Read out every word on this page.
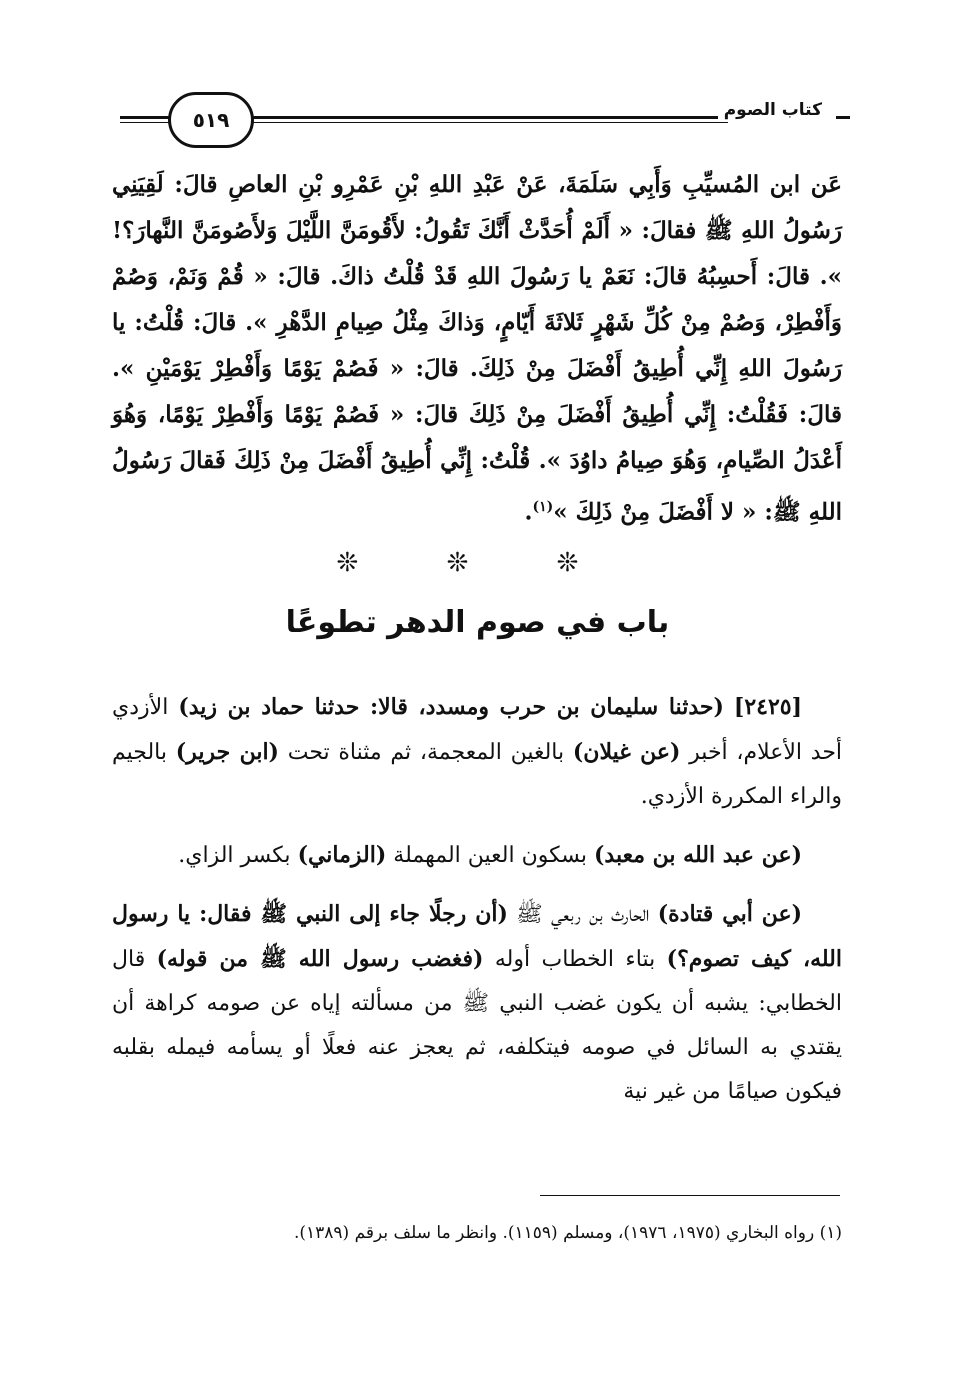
٥١٩	كتاب الصوم
عَن ابن المُسيِّبِ وَأَبِي سَلَمَةَ، عَنْ عَبْدِ اللهِ بْنِ عَمْرِو بْنِ العاصِ قالَ: لَقِيَنِي رَسُولُ اللهِ ﷺ فقالَ: « أَلَمْ أُحَدَّثْ أَنَّكَ تَقُولُ: لأَقُومَنَّ اللَّيْلَ وَلأَصُومَنَّ النَّهارَ؟! ». قالَ: أَحسِبُهُ قالَ: نَعَمْ يا رَسُولَ اللهِ قَدْ قُلْتُ ذاكَ. قالَ: « قُمْ وَنَمْ، وَصُمْ وَأَفْطِرْ، وَصُمْ مِنْ كُلِّ شَهْرٍ ثَلاثَةَ أَيّامٍ، وَذاكَ مِثْلُ صِيامِ الدَّهْرِ ». قالَ: قُلْتُ: يا رَسُولَ اللهِ إِنِّي أُطِيقُ أَفْضَلَ مِنْ ذَلِكَ. قالَ: « فَصُمْ يَوْمًا وَأَفْطِرْ يَوْمَيْنِ ». قالَ: فَقُلْتُ: إِنِّي أُطِيقُ أَفْضَلَ مِنْ ذَلِكَ قالَ: « فَصُمْ يَوْمًا وَأَفْطِرْ يَوْمًا، وَهُوَ أَعْدَلُ الصِّيامِ، وَهُوَ صِيامُ داوُدَ ». قُلْتُ: إِنِّي أُطِيقُ أَفْضَلَ مِنْ ذَلِكَ فَقالَ رَسُولُ اللهِ ﷺ: « لا أَفْضَلَ مِنْ ذَلِكَ »$^{(١)}$.
❊ ❊ ❊
باب في صوم الدهر تطوعًا

[٢٤٢٥] (حدثنا سليمان بن حرب ومسدد، قالا: حدثنا حماد بن زيد) الأزدي أحد الأعلام، أخبر (عن غيلان) بالغين المعجمة، ثم مثناة تحت (ابن جرير) بالجيم والراء المكررة الأزدي.

(عن عبد الله بن معبد) بسكون العين المهملة (الزماني) بكسر الزاي.

(عن أبي قتادة) الحارث بن ربعي ﷺ (أن رجلًا جاء إلى النبي ﷺ فقال: يا رسول الله، كيف تصوم؟) بتاء الخطاب أوله (فغضب رسول الله ﷺ من قوله) قال الخطابي: يشبه أن يكون غضب النبي ﷺ من مسألته إياه عن صومه كراهة أن يقتدي به السائل في صومه فيتكلفه، ثم يعجز عنه فعلًا أو يسأمه فيمله بقلبه فيكون صيامًا من غير نية

(١) رواه البخاري (١٩٧٥، ١٩٧٦)، ومسلم (١١٥٩). وانظر ما سلف برقم (١٣٨٩).
